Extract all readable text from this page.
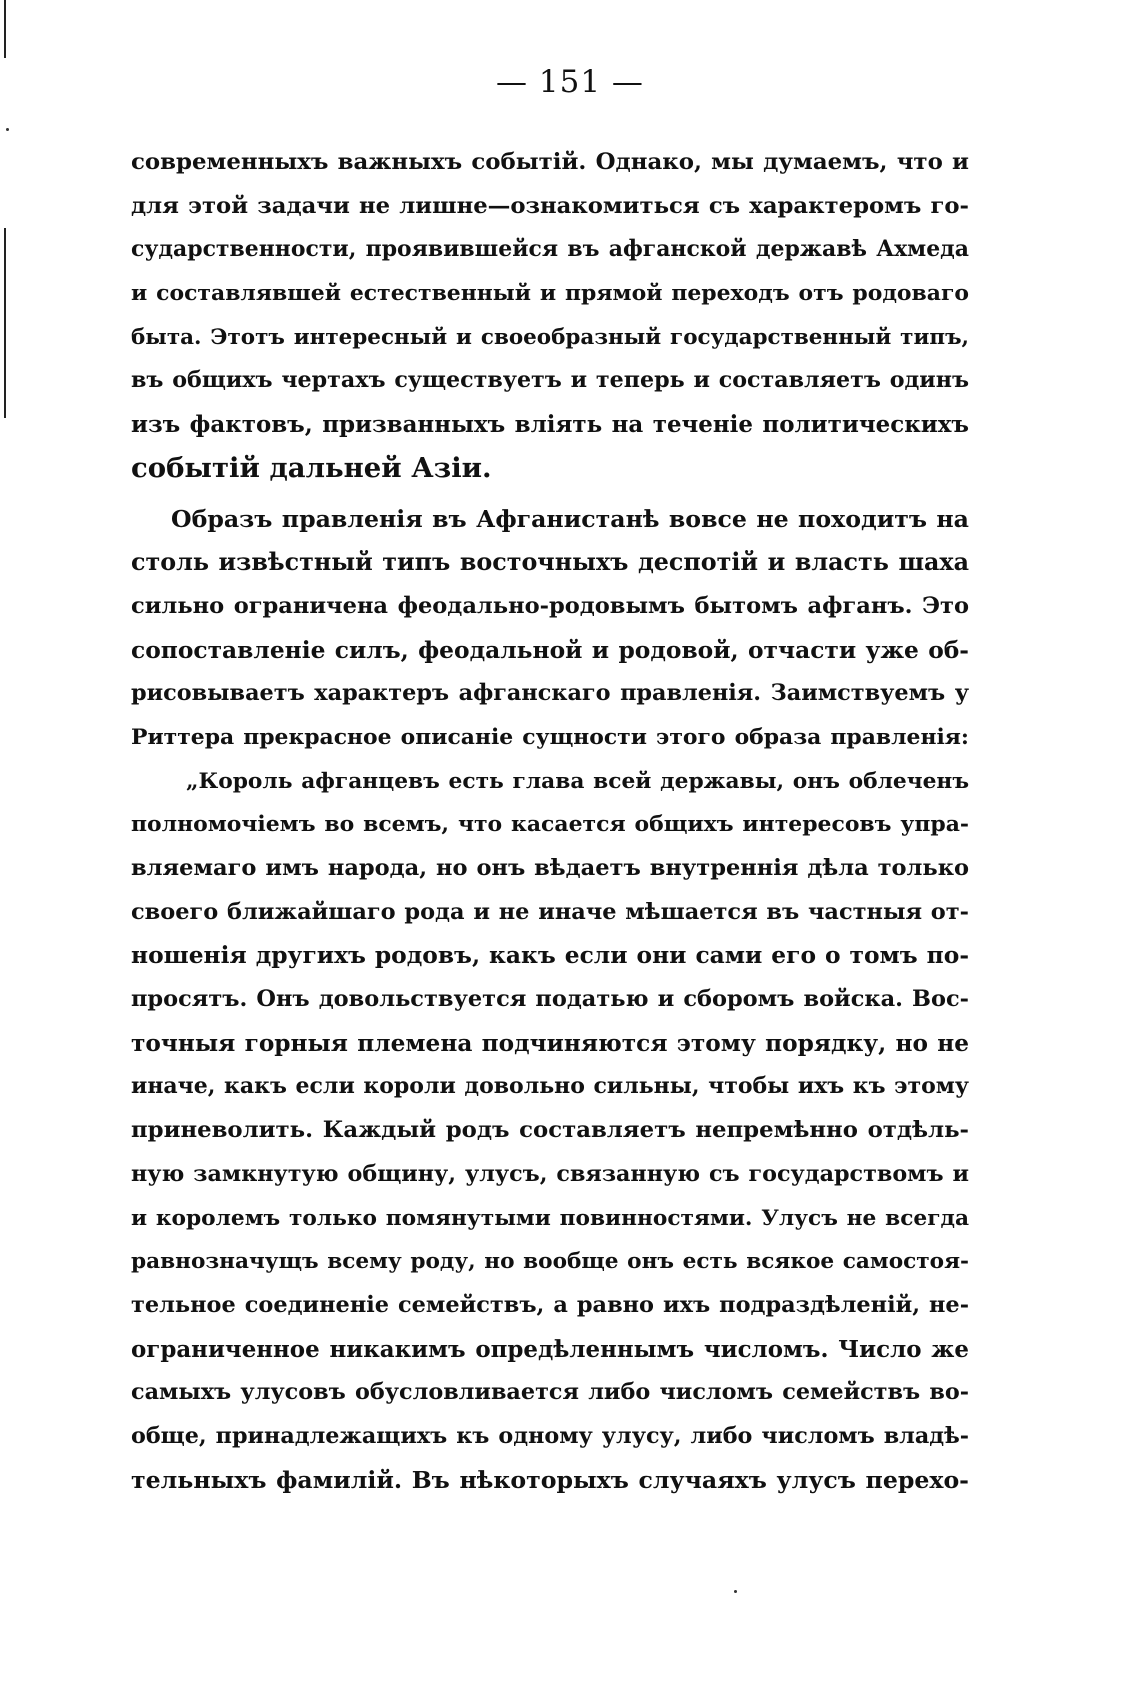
— 151 —
современныхъ важныхъ событій. Однако, мы думаемъ, что и
для этой задачи не лишне—ознакомиться съ характеромъ го-
сударственности, проявившейся въ афганской державѣ Ахмеда
и составлявшей естественный и прямой переходъ отъ родоваго
быта. Этотъ интересный и своеобразный государственный типъ,
въ общихъ чертахъ существуетъ и теперь и составляетъ одинъ
изъ фактовъ, призванныхъ вліять на теченіе политическихъ
событій дальней Азіи.
Образъ правленія въ Афганистанѣ вовсе не походитъ на
столь извѣстный типъ восточныхъ деспотій и власть шаха
сильно ограничена феодально-родовымъ бытомъ афганъ. Это
сопоставленіе силъ, феодальной и родовой, отчасти уже об-
рисовываетъ характеръ афганскаго правленія. Заимствуемъ у
Риттера прекрасное описаніе сущности этого образа правленія:
„Король афганцевъ есть глава всей державы, онъ облеченъ
полномочіемъ во всемъ, что касается общихъ интересовъ упра-
вляемаго имъ народа, но онъ вѣдаетъ внутреннія дѣла только
своего ближайшаго рода и не иначе мѣшается въ частныя от-
ношенія другихъ родовъ, какъ если они сами его о томъ по-
просятъ. Онъ довольствуется податью и сборомъ войска. Вос-
точныя горныя племена подчиняются этому порядку, но не
иначе, какъ если короли довольно сильны, чтобы ихъ къ этому
приневолить. Каждый родъ составляетъ непремѣнно отдѣль-
ную замкнутую общину, улусъ, связанную съ государствомъ и
и королемъ только помянутыми повинностями. Улусъ не всегда
равнозначущъ всему роду, но вообще онъ есть всякое самостоя-
тельное соединеніе семействъ, а равно ихъ подраздѣленій, не-
ограниченное никакимъ опредѣленнымъ числомъ. Число же
самыхъ улусовъ обусловливается либо числомъ семействъ во-
обще, принадлежащихъ къ одному улусу, либо числомъ владѣ-
тельныхъ фамилій. Въ нѣкоторыхъ случаяхъ улусъ перехо-
